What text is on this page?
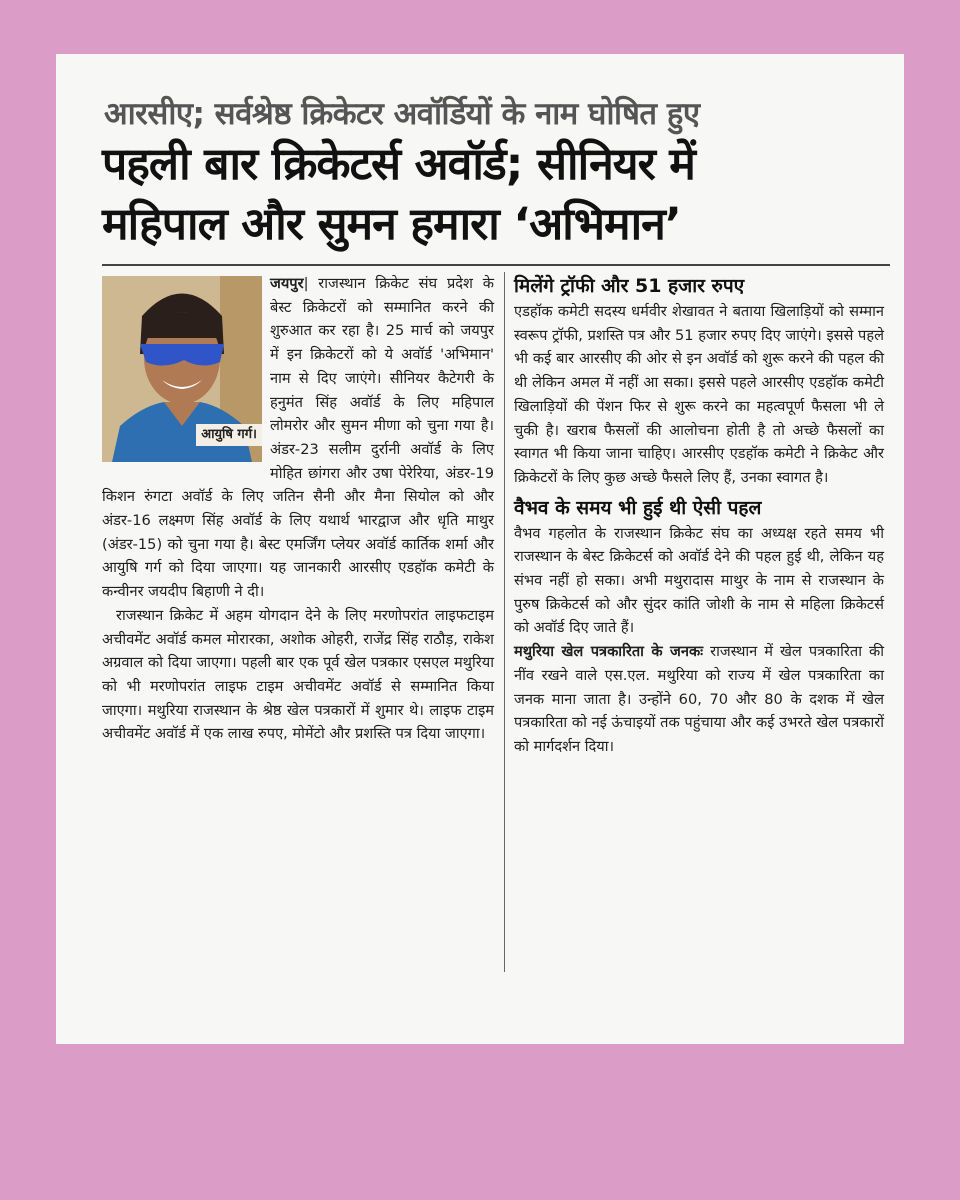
आरसीए; सर्वश्रेष्ठ क्रिकेटर अवॉर्डियों के नाम घोषित हुए
पहली बार क्रिकेटर्स अवॉर्ड; सीनियर में
महिपाल और सुमन हमारा ‘अभिमान’
आयुषि गर्ग।

जयपुर| राजस्थान क्रिकेट संघ प्रदेश के बेस्ट क्रिकेटरों को सम्मानित करने की शुरुआत कर रहा है। 25 मार्च को जयपुर में इन क्रिकेटरों को ये अवॉर्ड 'अभिमान' नाम से दिए जाएंगे। सीनियर कैटेगरी के हनुमंत सिंह अवॉर्ड के लिए महिपाल लोमरोर और सुमन मीणा को चुना गया है। अंडर-23 सलीम दुर्रानी अवॉर्ड के लिए मोहित छांगरा और उषा पेरेरिया, अंडर-19 किशन रुंगटा अवॉर्ड के लिए जतिन सैनी और मैना सियोल को और अंडर-16 लक्ष्मण सिंह अवॉर्ड के लिए यथार्थ भारद्वाज और धृति माथुर (अंडर-15) को चुना गया है। बेस्ट एमर्जिंग प्लेयर अवॉर्ड कार्तिक शर्मा और आयुषि गर्ग को दिया जाएगा। यह जानकारी आरसीए एडहॉक कमेटी के कन्वीनर जयदीप बिहाणी ने दी।

राजस्थान क्रिकेट में अहम योगदान देने के लिए मरणोपरांत लाइफटाइम अचीवमेंट अवॉर्ड कमल मोरारका, अशोक ओहरी, राजेंद्र सिंह राठौड़, राकेश अग्रवाल को दिया जाएगा। पहली बार एक पूर्व खेल पत्रकार एसएल मथुरिया को भी मरणोपरांत लाइफ टाइम अचीवमेंट अवॉर्ड से सम्मानित किया जाएगा। मथुरिया राजस्थान के श्रेष्ठ खेल पत्रकारों में शुमार थे। लाइफ टाइम अचीवमेंट अवॉर्ड में एक लाख रुपए, मोमेंटो और प्रशस्ति पत्र दिया जाएगा।

मिलेंगे ट्रॉफी और 51 हजार रुपए

एडहॉक कमेटी सदस्य धर्मवीर शेखावत ने बताया खिलाड़ियों को सम्मान स्वरूप ट्रॉफी, प्रशस्ति पत्र और 51 हजार रुपए दिए जाएंगे। इससे पहले भी कई बार आरसीए की ओर से इन अवॉर्ड को शुरू करने की पहल की थी लेकिन अमल में नहीं आ सका। इससे पहले आरसीए एडहॉक कमेटी खिलाड़ियों की पेंशन फिर से शुरू करने का महत्वपूर्ण फैसला भी ले चुकी है। खराब फैसलों की आलोचना होती है तो अच्छे फैसलों का स्वागत भी किया जाना चाहिए। आरसीए एडहॉक कमेटी ने क्रिकेट और क्रिकेटरों के लिए कुछ अच्छे फैसले लिए हैं, उनका स्वागत है।

वैभव के समय भी हुई थी ऐसी पहल

वैभव गहलोत के राजस्थान क्रिकेट संघ का अध्यक्ष रहते समय भी राजस्थान के बेस्ट क्रिकेटर्स को अवॉर्ड देने की पहल हुई थी, लेकिन यह संभव नहीं हो सका। अभी मथुरादास माथुर के नाम से राजस्थान के पुरुष क्रिकेटर्स को और सुंदर कांति जोशी के नाम से महिला क्रिकेटर्स को अवॉर्ड दिए जाते हैं।

मथुरिया खेल पत्रकारिता के जनकः राजस्थान में खेल पत्रकारिता की नींव रखने वाले एस.एल. मथुरिया को राज्य में खेल पत्रकारिता का जनक माना जाता है। उन्होंने 60, 70 और 80 के दशक में खेल पत्रकारिता को नई ऊंचाइयों तक पहुंचाया और कई उभरते खेल पत्रकारों को मार्गदर्शन दिया।
